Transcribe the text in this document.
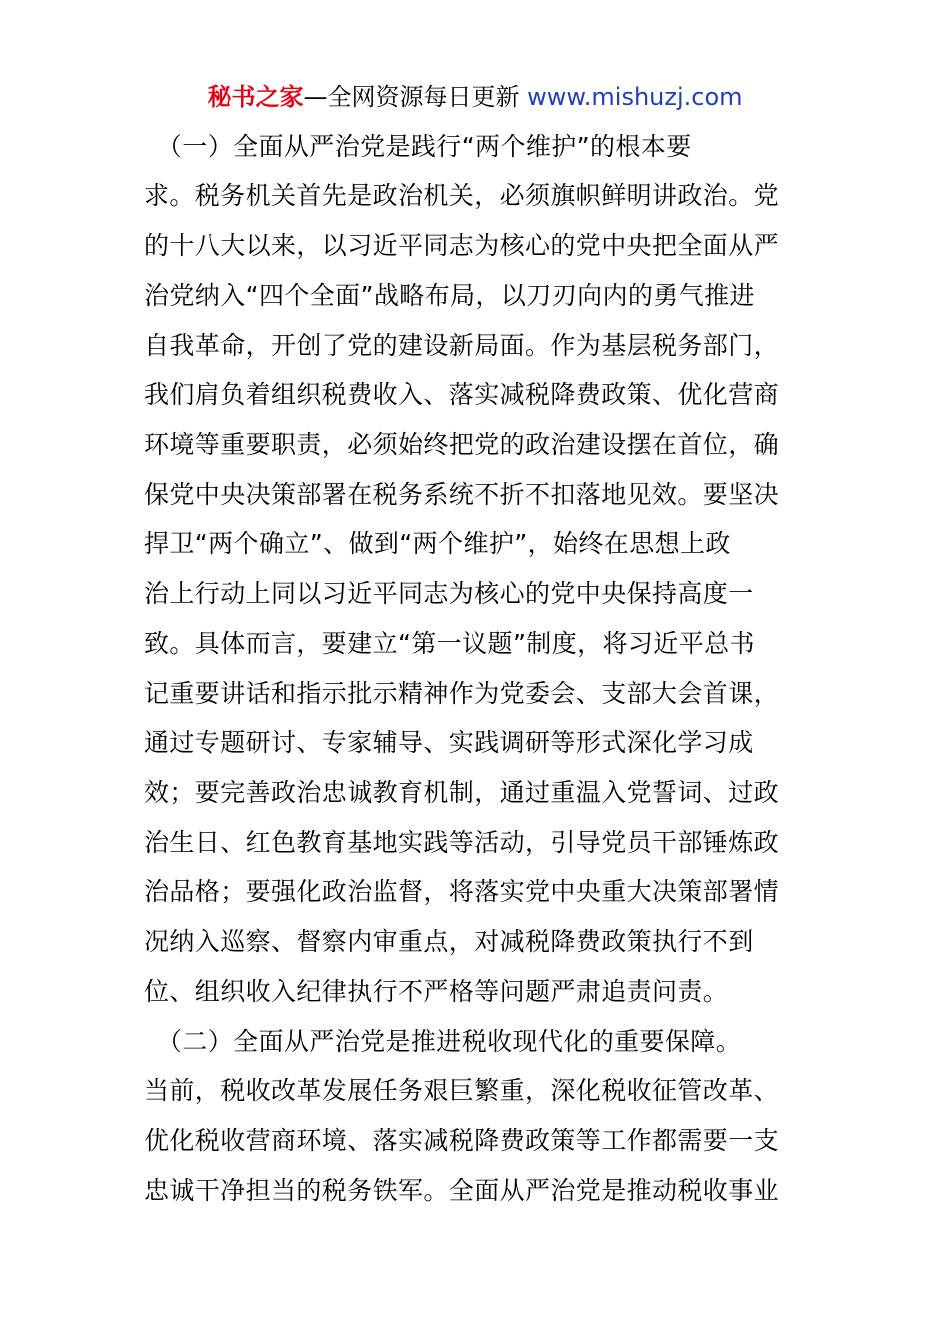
秘书之家—全网资源每日更新 www.mishuzj.com
　（一）全面从严治党是践行“两个维护”的根本要
求。税务机关首先是政治机关，必须旗帜鲜明讲政治。党
的十八大以来，以习近平同志为核心的党中央把全面从严
治党纳入“四个全面”战略布局，以刀刃向内的勇气推进
自我革命，开创了党的建设新局面。作为基层税务部门，
我们肩负着组织税费收入、落实减税降费政策、优化营商
环境等重要职责，必须始终把党的政治建设摆在首位，确
保党中央决策部署在税务系统不折不扣落地见效。要坚决
捍卫“两个确立”、做到“两个维护”，始终在思想上政
治上行动上同以习近平同志为核心的党中央保持高度一
致。具体而言，要建立“第一议题”制度，将习近平总书
记重要讲话和指示批示精神作为党委会、支部大会首课，
通过专题研讨、专家辅导、实践调研等形式深化学习成
效；要完善政治忠诚教育机制，通过重温入党誓词、过政
治生日、红色教育基地实践等活动，引导党员干部锤炼政
治品格；要强化政治监督，将落实党中央重大决策部署情
况纳入巡察、督察内审重点，对减税降费政策执行不到
位、组织收入纪律执行不严格等问题严肃追责问责。
　（二）全面从严治党是推进税收现代化的重要保障。
当前，税收改革发展任务艰巨繁重，深化税收征管改革、
优化税收营商环境、落实减税降费政策等工作都需要一支
忠诚干净担当的税务铁军。全面从严治党是推动税收事业
